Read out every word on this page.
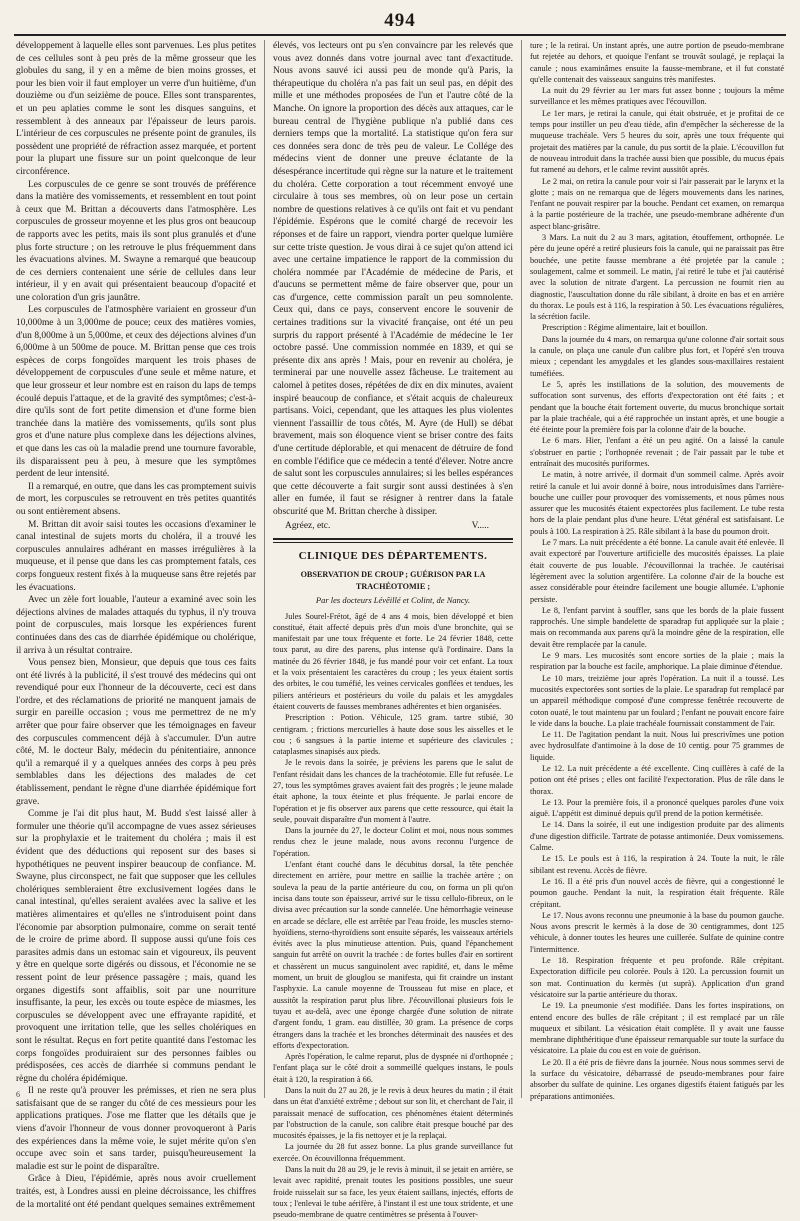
494

développement à laquelle elles sont parvenues. Les plus petites de ces cellules sont à peu près de la même grosseur que les globules du sang, il y en a même de bien moins grosses, et pour les bien voir il faut employer un verre d'un huitième, d'un douzième ou d'un seizième de pouce. Elles sont transparentes, et un peu aplaties comme le sont les disques sanguins, et ressemblent à des anneaux par l'épaisseur de leurs parois. L'intérieur de ces corpuscules ne présente point de granules, ils possèdent une propriété de réfraction assez marquée, et portent pour la plupart une fissure sur un point quelconque de leur circonférence.

Les corpuscules de ce genre se sont trouvés de préférence dans la matière des vomissements, et ressemblent en tout point à ceux que M. Brittan a découverts dans l'atmosphère. Les corpuscules de grosseur moyenne et les plus gros ont beaucoup de rapports avec les petits, mais ils sont plus granulés et d'une plus forte structure ; on les retrouve le plus fréquemment dans les évacuations alvines. M. Swayne a remarqué que beaucoup de ces derniers contenaient une série de cellules dans leur intérieur, il y en avait qui présentaient beaucoup d'opacité et une coloration d'un gris jaunâtre.

Les corpuscules de l'atmosphère variaient en grosseur d'un 10,000me à un 3,000me de pouce; ceux des matières vomies, d'un 8,000me à un 5,000me, et ceux des déjections alvines d'un 6,000me à un 500me de pouce. M. Brittan pense que ces trois espèces de corps fongoïdes marquent les trois phases de développement de corpuscules d'une seule et même nature, et que leur grosseur et leur nombre est en raison du laps de temps écoulé depuis l'attaque, et de la gravité des symptômes; c'est-à-dire qu'ils sont de fort petite dimension et d'une forme bien tranchée dans la matière des vomissements, qu'ils sont plus gros et d'une nature plus complexe dans les déjections alvines, et que dans les cas où la maladie prend une tournure favorable, ils disparaissent peu à peu, à mesure que les symptômes perdent de leur intensité.

Il a remarqué, en outre, que dans les cas promptement suivis de mort, les corpuscules se retrouvent en très petites quantités ou sont entièrement absens.

M. Brittan dit avoir saisi toutes les occasions d'examiner le canal intestinal de sujets morts du choléra, il a trouvé les corpuscules annulaires adhérant en masses irrégulières à la muqueuse, et il pense que dans les cas promptement fatals, ces corps fongueux restent fixés à la muqueuse sans être rejetés par les évacuations.

Avec un zèle fort louable, l'auteur a examiné avec soin les déjections alvines de malades attaqués du typhus, il n'y trouva point de corpuscules, mais lorsque les expériences furent continuées dans des cas de diarrhée épidémique ou cholérique, il arriva à un résultat contraire.

Vous pensez bien, Monsieur, que depuis que tous ces faits ont été livrés à la publicité, il s'est trouvé des médecins qui ont revendiqué pour eux l'honneur de la découverte, ceci est dans l'ordre, et des réclamations de priorité ne manquent jamais de surgir en pareille occasion ; vous me permettrez de ne m'y arrêter que pour faire observer que les témoignages en faveur des corpuscules commencent déjà à s'accumuler. D'un autre côté, M. le docteur Baly, médecin du pénitentiaire, annonce qu'il a remarqué il y a quelques années des corps à peu près semblables dans les déjections des malades de cet établissement, pendant le règne d'une diarrhée épidémique fort grave.

Comme je l'ai dit plus haut, M. Budd s'est laissé aller à formuler une théorie qu'il accompagne de vues assez sérieuses sur la prophylaxie et le traitement du choléra ; mais il est évident que des déductions qui reposent sur des bases si hypothétiques ne peuvent inspirer beaucoup de confiance. M. Swayne, plus circonspect, ne fait que supposer que les cellules cholériques sembleraient être exclusivement logées dans le canal intestinal, qu'elles seraient avalées avec la salive et les matières alimentaires et qu'elles ne s'introduisent point dans l'économie par absorption pulmonaire, comme on serait tenté de le croire de prime abord. Il suppose aussi qu'une fois ces parasites admis dans un estomac sain et vigoureux, ils peuvent y être en quelque sorte digérés ou dissous, et l'économie ne se ressent point de leur présence passagère ; mais, quand les organes digestifs sont affaiblis, soit par une nourriture insuffisante, la peur, les excès ou toute espèce de miasmes, les corpuscules se développent avec une effrayante rapidité, et provoquent une irritation telle, que les selles cholériques en sont le résultat. Reçus en fort petite quantité dans l'estomac les corps fongoïdes produiraient sur des personnes faibles ou prédisposées, ces accès de diarrhée si communs pendant le règne du choléra épidémique.

Il ne reste qu'à prouver les prémisses, et rien ne sera plus satisfaisant que de se ranger du côté de ces messieurs pour les applications pratiques. J'ose me flatter que les détails que je viens d'avoir l'honneur de vous donner provoqueront à Paris des expériences dans la même voie, le sujet mérite qu'on s'en occupe avec soin et sans tarder, puisqu'heureusement la maladie est sur le point de disparaître.

Grâce à Dieu, l'épidémie, après nous avoir cruellement traités, est, à Londres aussi en pleine décroissance, les chiffres de la mortalité ont été pendant quelques semaines extrêmement

élevés, vos lecteurs ont pu s'en convaincre par les relevés que vous avez donnés dans votre journal avec tant d'exactitude. Nous avons sauvé ici aussi peu de monde qu'à Paris, la thérapeutique du choléra n'a pas fait un seul pas, en dépit des mille et une méthodes proposées de l'un et l'autre côté de la Manche. On ignore la proportion des décès aux attaques, car le bureau central de l'hygiène publique n'a publié dans ces derniers temps que la mortalité. La statistique qu'on fera sur ces données sera donc de très peu de valeur. Le Collége des médecins vient de donner une preuve éclatante de la désespérance incertitude qui règne sur la nature et le traitement du choléra. Cette corporation a tout récemment envoyé une circulaire à tous ses membres, où on leur pose un certain nombre de questions relatives à ce qu'ils ont fait et vu pendant l'épidémie. Espérons que le comité chargé de recevoir les réponses et de faire un rapport, viendra porter quelque lumière sur cette triste question. Je vous dirai à ce sujet qu'on attend ici avec une certaine impatience le rapport de la commission du choléra nommée par l'Académie de médecine de Paris, et d'aucuns se permettent même de faire observer que, pour un cas d'urgence, cette commission paraît un peu somnolente. Ceux qui, dans ce pays, conservent encore le souvenir de certaines traditions sur la vivacité française, ont été un peu surpris du rapport présenté à l'Académie de médecine le 1er octobre passé. Une commission nommée en 1839, et qui se présente dix ans après ! Mais, pour en revenir au choléra, je terminerai par une nouvelle assez fâcheuse. Le traitement au calomel à petites doses, répétées de dix en dix minutes, avaient inspiré beaucoup de confiance, et s'était acquis de chaleureux partisans. Voici, cependant, que les attaques les plus violentes viennent l'assaillir de tous côtés, M. Ayre (de Hull) se débat bravement, mais son éloquence vient se briser contre des faits d'une certitude déplorable, et qui menacent de détruire de fond en comble l'édifice que ce médecin a tenté d'élever. Notre ancre de salut sont les corpuscules annulaires; si les belles espérances que cette découverte a fait surgir sont aussi destinées à s'en aller en fumée, il faut se résigner à rentrer dans la fatale obscurité que M. Brittan cherche à dissiper.

Agréez, etc.	V.....
CLINIQUE DES DÉPARTEMENTS.
OBSERVATION DE CROUP ; GUÉRISON PAR LA TRACHÉOTOMIE ;
Par les docteurs Lévêillé et Colint, de Nancy.

Jules Sourel-Frétot, âgé de 4 ans 4 mois, bien développé et bien constitué, était affecté depuis près d'un mois d'une bronchite, qui se manifestait par une toux fréquente et forte. Le 24 février 1848, cette toux parut, au dire des parens, plus intense qu'à l'ordinaire. Dans la matinée du 26 février 1848, je fus mandé pour voir cet enfant. La toux et la voix présentaient les caractères du croup ; les yeux étaient sortis des orbites, le cou tuméfié, les veines cervicales gonflées et tendues, les piliers antérieurs et postérieurs du voile du palais et les amygdales étaient couverts de fausses membranes adhérentes et bien organisées.

Prescription : Potion. Véhicule, 125 gram. tartre stibié, 30 centigram. ; frictions mercurielles à haute dose sous les aisselles et le cou ; 6 sangsues à la partie interne et supérieure des clavicules ; cataplasmes sinapisés aux pieds.

Je le revois dans la soirée, je préviens les parens que le salut de l'enfant résidait dans les chances de la trachéotomie. Elle fut refusée. Le 27, tous les symptômes graves avaient fait des progrès ; le jeune malade était aphone, la toux éteinte et plus fréquente. Je parlai encore de l'opération et je fis observer aux parens que cette ressource, qui était la seule, pouvait disparaître d'un moment à l'autre.

Dans la journée du 27, le docteur Colint et moi, nous nous sommes rendus chez le jeune malade, nous avons reconnu l'urgence de l'opération.

L'enfant étant couché dans le décubitus dorsal, la tête penchée directement en arrière, pour mettre en saillie la trachée artère ; on souleva la peau de la partie antérieure du cou, on forma un pli qu'on incisa dans toute son épaisseur, arrivé sur le tissu cellulo-fibreux, on le divisa avec précaution sur la sonde cannelée. Une hémorrhagie veineuse en arcade se déclare, elle est arrêtée par l'eau froide, les muscles sterno-hyoïdiens, sterno-thyroïdiens sont ensuite séparés, les vaisseaux artériels évités avec la plus minutieuse attention. Puis, quand l'épanchement sanguin fut arrêté on ouvrit la trachée : de fortes bulles d'air en sortirent et chassèrent un mucus sanguinolent avec rapidité, et, dans le même moment, un bruit de glouglou se manifesta, qui fit craindre un instant l'asphyxie. La canule moyenne de Trousseau fut mise en place, et aussitôt la respiration parut plus libre. J'écouvillonai plusieurs fois le tuyau et au-delà, avec une éponge chargée d'une solution de nitrate d'argent fondu, 1 gram. eau distillée, 30 gram. La présence de corps étrangers dans la trachée et les bronches déterminait des nausées et des efforts d'expectoration.

Après l'opération, le calme reparut, plus de dyspnée ni d'orthopnée ; l'enfant plaça sur le côté droit a sommeillé quelques instans, le pouls était à 120, la respiration à 66.

Dans la nuit du 27 au 28, je le revis à deux heures du matin ; il était dans un état d'anxiété extrême ; debout sur son lit, et cherchant de l'air, il paraissait menacé de suffocation, ces phénomènes étaient déterminés par l'obstruction de la canule, son calibre était presque bouché par des mucosités épaisses, je la fis nettoyer et je la replaçai.

La journée du 28 fut assez bonne. La plus grande surveillance fut exercée. On écouvillonna fréquemment.

Dans la nuit du 28 au 29, je le revis à minuit, il se jetait en arrière, se levait avec rapidité, prenait toutes les positions possibles, une sueur froide ruisselait sur sa face, les yeux étaient saillans, injectés, efforts de toux ; l'enlevai le tube aérifère, à l'instant il est une toux stridente, et une pseudo-membrane de quatre centimètres se présenta à l'ouver-

ture ; le la retirai. Un instant après, une autre portion de pseudo-membrane fut rejetée au dehors, et quoique l'enfant se trouvât soulagé, je replaçai la canule ; nous examinâmes ensuite la fausse-membrane, et il fut constaté qu'elle contenait des vaisseaux sanguins très manifestes.

La nuit du 29 février au 1er mars fut assez bonne ; toujours la même surveillance et les mêmes pratiques avec l'écouvillon.

Le 1er mars, je retirai la canule, qui était obstruée, et je profitai de ce temps pour instiller un peu d'eau tiède, afin d'empêcher la sécheresse de la muqueuse trachéale. Vers 5 heures du soir, après une toux fréquente qui projetait des matières par la canule, du pus sortit de la plaie. L'écouvillon fut de nouveau introduit dans la trachée aussi bien que possible, du mucus épais fut ramené au dehors, et le calme revint aussitôt après.

Le 2 mai, on retira la canule pour voir si l'air passerait par le larynx et la glotte ; mais on ne remarqua que de légers mouvements dans les narines, l'enfant ne pouvait respirer par la bouche. Pendant cet examen, on remarqua à la partie postérieure de la trachée, une pseudo-membrane adhérente d'un aspect blanc-grisâtre.

3 Mars. La nuit du 2 au 3 mars, agitation, étouffement, orthopnée. Le père du jeune opéré a retiré plusieurs fois la canule, qui ne paraissait pas être bouchée, une petite fausse membrane a été projetée par la canule ; soulagement, calme et sommeil. Le matin, j'ai retiré le tube et j'ai cautérisé avec la solution de nitrate d'argent. La percussion ne fournit rien au diagnostic, l'auscultation donne du râle sibilant, à droite en bas et en arrière du thorax. Le pouls est à 116, la respiration à 50. Les évacuations régulières, la sécrétion facile.

Prescription : Régime alimentaire, lait et bouillon.

Dans la journée du 4 mars, on remarqua qu'une colonne d'air sortait sous la canule, on plaça une canule d'un calibre plus fort, et l'opéré s'en trouva mieux ; cependant les amygdales et les glandes sous-maxillaires restaient tuméfiées.

Le 5, après les instillations de la solution, des mouvements de suffocation sont survenus, des efforts d'expectoration ont été faits ; et pendant que la bouche était fortement ouverte, du mucus bronchique sortait par la plaie trachéale, qui a été rapprochée un instant après, et une bougie a été éteinte pour la première fois par la colonne d'air de la bouche.

Le 6 mars. Hier, l'enfant a été un peu agité. On a laissé la canule s'obstruer en partie ; l'orthopnée revenait ; de l'air passait par le tube et entraînait des mucosités puriformes.

Le matin, à notre arrivée, il dormait d'un sommeil calme. Après avoir retiré la canule et lui avoir donné à boire, nous introduisîmes dans l'arrière-bouche une cuiller pour provoquer des vomissements, et nous pûmes nous assurer que les mucosités étaient expectorées plus facilement. Le tube resta hors de la plaie pendant plus d'une heure. L'état général est satisfaisant. Le pouls à 100. La respiration à 25. Râle sibilant à la base du poumon droit.

Le 7 mars. La nuit précédente a été bonne. La canule avait été enlevée. Il avait expectoré par l'ouverture artificielle des mucosités épaisses. La plaie était couverte de pus louable. J'écouvillonnai la trachée. Je cautérisai légèrement avec la solution argentifère. La colonne d'air de la bouche est assez considérable pour éteindre facilement une bougie allumée. L'aphonie persiste.

Le 8, l'enfant parvint à souffler, sans que les bords de la plaie fussent rapprochés. Une simple bandelette de sparadrap fut appliquée sur la plaie ; mais on recommanda aux parens qu'à la moindre gêne de la respiration, elle devait être remplacée par la canule.

Le 9 mars. Les mucosités sont encore sorties de la plaie ; mais la respiration par la bouche est facile, amphorique. La plaie diminue d'étendue.

Le 10 mars, treizième jour après l'opération. La nuit il a toussé. Les mucosités expectorées sont sorties de la plaie. Le sparadrap fut remplacé par un appareil méthodique composé d'une compresse fenêtrée recouverte de coton ouaté, le tout maintenu par un foulard ; l'enfant ne pouvait encore faire le vide dans la bouche. La plaie trachéale fournissait constamment de l'air.

Le 11. De l'agitation pendant la nuit. Nous lui prescrivîmes une potion avec hydrosulfate d'antimoine à la dose de 10 centig. pour 75 grammes de liquide.

Le 12. La nuit précédente a été excellente. Cinq cuillères à café de la potion ont été prises ; elles ont facilité l'expectoration. Plus de râle dans le thorax.

Le 13. Pour la première fois, il a prononcé quelques paroles d'une voix aiguë. L'appétit est diminué depuis qu'il prend de la potion kermétisée.

Le 14. Dans la soirée, il eut une indigestion produite par des aliments d'une digestion difficile. Tartrate de potasse antimoniée. Deux vomissemens. Calme.

Le 15. Le pouls est à 116, la respiration à 24. Toute la nuit, le râle sibilant est revenu. Accès de fièvre.

Le 16. Il a été pris d'un nouvel accès de fièvre, qui a congestionné le poumon gauche. Pendant la nuit, la respiration était fréquente. Râle crépitant.

Le 17. Nous avons reconnu une pneumonie à la base du poumon gauche. Nous avons prescrit le kermès à la dose de 30 centigrammes, dont 125 véhicule, à donner toutes les heures une cuillerée. Sulfate de quinine contre l'intermittence.

Le 18. Respiration fréquente et peu profonde. Râle crépitant. Expectoration difficile peu colorée. Pouls à 120. La percussion fournit un son mat. Continuation du kermès (ut suprà). Application d'un grand vésicatoire sur la partie antérieure du thorax.

Le 19. La pneumonie s'est modifiée. Dans les fortes inspirations, on entend encore des bulles de râle crépitant ; il est remplacé par un râle muqueux et sibilant. La vésication était complète. Il y avait une fausse membrane diphthéritique d'une épaisseur remarquable sur toute la surface du vésicatoire. La plaie du cou est en voie de guérison.

Le 20. Il a été pris de fièvre dans la journée. Nous nous sommes servi de la surface du vésicatoire, débarrassé de pseudo-membranes pour faire absorber du sulfate de quinine. Les organes digestifs étaient fatigués par les préparations antimoniées.

6
